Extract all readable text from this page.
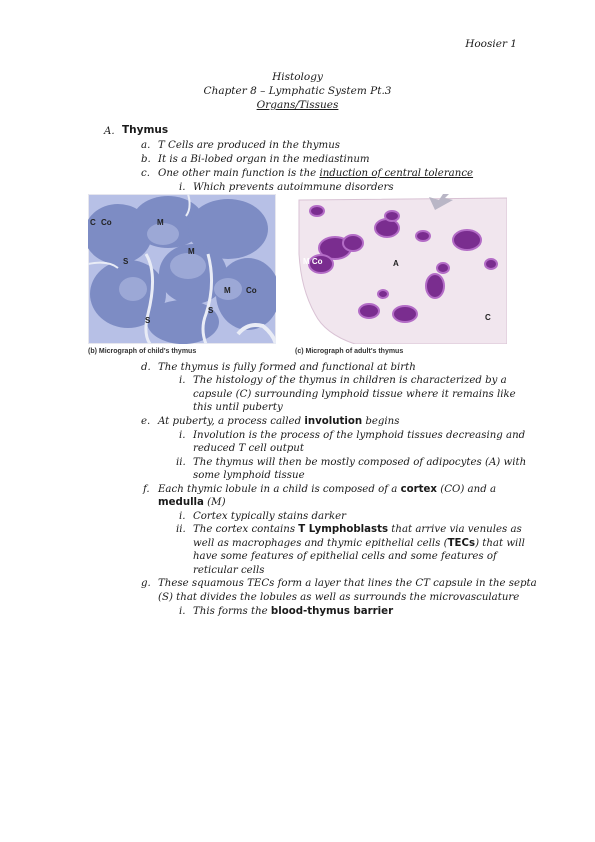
Hoosier 1
Histology
Chapter 8 – Lymphatic System Pt.3
Organs/Tissues
A. Thymus
a. T Cells are produced in the thymus
b. It is a Bi-lobed organ in the mediastinum
c. One other main function is the induction of central tolerance
i. Which prevents autoimmune disorders
C Co	M
M
S
M Co
S
S
(b) Micrograph of child's thymus
M Co	A
C
(c) Micrograph of adult's thymus
d. The thymus is fully formed and functional at birth
i. The histology of the thymus in children is characterized by a
capsule (C) surrounding lymphoid tissue where it remains like
this until puberty
e. At puberty, a process called involution begins
i. Involution is the process of the lymphoid tissues decreasing and
reduced T cell output
ii. The thymus will then be mostly composed of adipocytes (A) with
some lymphoid tissue
f. Each thymic lobule in a child is composed of a cortex (CO) and a
medulla (M)
i. Cortex typically stains darker
ii. The cortex contains T Lymphoblasts that arrive via venules as
well as macrophages and thymic epithelial cells (TECs) that will
have some features of epithelial cells and some features of
reticular cells
g. These squamous TECs form a layer that lines the CT capsule in the septa
(S) that divides the lobules as well as surrounds the microvasculature
i. This forms the blood-thymus barrier
